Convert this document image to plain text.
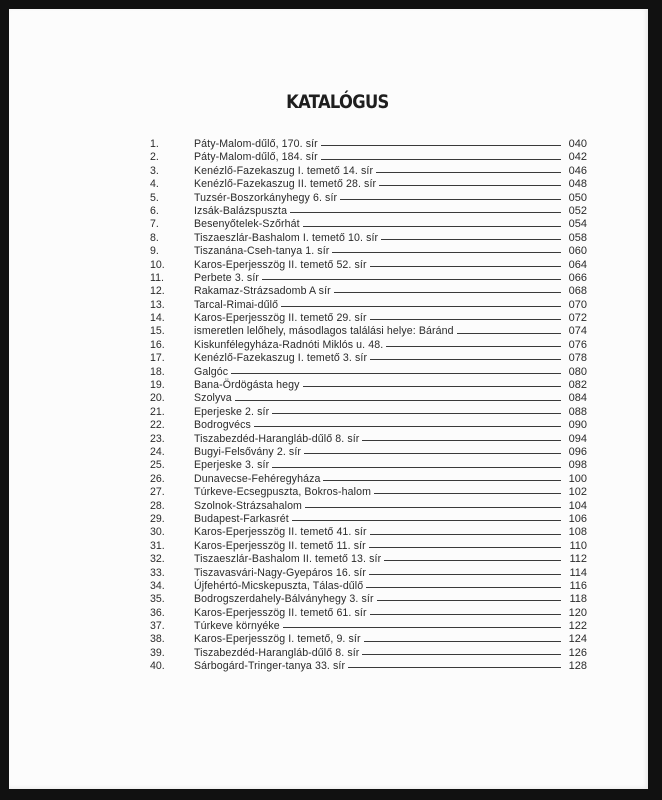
KATALÓGUS
1.	Páty-Malom-dűlő, 170. sír	040
2.	Páty-Malom-dűlő, 184. sír	042
3.	Kenézlő-Fazekaszug I. temető 14. sír	046
4.	Kenézlő-Fazekaszug II. temető 28. sír	048
5.	Tuzsér-Boszorkányhegy 6. sír	050
6.	Izsák-Balázspuszta	052
7.	Besenyőtelek-Szőrhát	054
8.	Tiszaeszlár-Bashalom I. temető 10. sír	058
9.	Tiszanána-Cseh-tanya 1. sír	060
10.	Karos-Eperjesszög II. temető 52. sír	064
11.	Perbete 3. sír	066
12.	Rakamaz-Strázsadomb A sír	068
13.	Tarcal-Rimai-dűlő	070
14.	Karos-Eperjesszög II. temető 29. sír	072
15.	ismeretlen lelőhely, másodlagos találási helye: Báránd	074
16.	Kiskunfélegyháza-Radnóti Miklós u. 48.	076
17.	Kenézlő-Fazekaszug I. temető 3. sír	078
18.	Galgóc	080
19.	Bana-Ördögásta hegy	082
20.	Szolyva	084
21.	Eperjeske 2. sír	088
22.	Bodrogvécs	090
23.	Tiszabezdéd-Harangláb-dűlő 8. sír	094
24.	Bugyi-Felsővány 2. sír	096
25.	Eperjeske 3. sír	098
26.	Dunavecse-Fehéregyháza	100
27.	Túrkeve-Ecsegpuszta, Bokros-halom	102
28.	Szolnok-Strázsahalom	104
29.	Budapest-Farkasrét	106
30.	Karos-Eperjesszög II. temető 41. sír	108
31.	Karos-Eperjesszög II. temető 11. sír	110
32.	Tiszaeszlár-Bashalom II. temető 13. sír	112
33.	Tiszavasvári-Nagy-Gyepáros 16. sír	114
34.	Újfehértó-Micskepuszta, Tálas-dűlő	116
35.	Bodrogszerdahely-Bálványhegy 3. sír	118
36.	Karos-Eperjesszög II. temető 61. sír	120
37.	Túrkeve környéke	122
38.	Karos-Eperjesszög I. temető, 9. sír	124
39.	Tiszabezdéd-Harangláb-dűlő 8. sír	126
40.	Sárbogárd-Tringer-tanya 33. sír	128
